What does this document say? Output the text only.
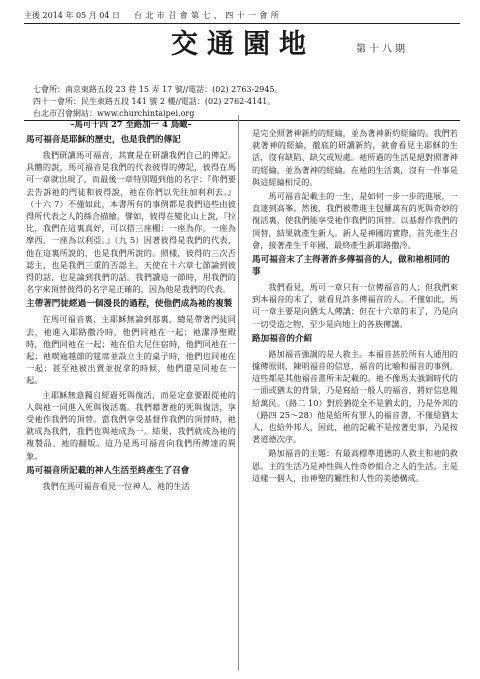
主後 2014 年 05 月 04 日 台北市召會第七、四十一會所
交通園地	第十八期
七會所：南京東路五段 23 巷 15 弄 17 號//電話：(02) 2763-2945。
四十一會所：民生東路五段 141 號 2 樓//電話：(02) 2762-4141。
台北市召會網站：www.churchintaipei.org
–馬可十四 27 至路加一 4 鳥瞰–
馬可福音是耶穌的歷史，也是我們的傳記

我們研讀馬可福音，其實是在研讀我們自己的傳記。具體的說，馬可福音是我們的代表彼得的傳記，彼得在馬可一章就出現了，而最後一章特別題到他的名字：『你們要去告訴祂的門徒和彼得說，祂在你們以先往加利利去。』（十六 7）不僅如此，本書所有的事例都是我們這些由彼得所代表之人的絲合描繪。譬如，彼得在變化山上說，『拉比，我們在這裏真好，可以搭三座棚：一座為你，一座為摩西，一座為以利亞。』（九 5）因著彼得是我們的代表，他在這裏所說的，也是我們所說的。照樣，彼得的三次否認主，也是我們三重的否認主。天使在十六章七節論到彼得的話，也是論到我們的話。我們讀這一節時，用我們的名字來頂替彼得的名字是正確的，因為他是我們的代表。

主帶著門徒經過一個漫長的過程，使他們成為祂的複製

在馬可福音裏，主耶穌無論到那裏，總是帶著門徒同去，祂進入耶路撒冷時，他們同祂在一起；祂潔淨聖殿時，他們同祂在一起；祂在伯大尼住宿時，他們同祂在一起；祂喫逾越節的筵席並設立主的桌子時，他們也同祂在一起；甚至祂被出賣並捉拿的時候，他們還是同祂在一起。

主耶穌無意獨自經過死與復活，而是定意要跟從祂的人與祂一同進入死與復活裏。我們藉著祂的死與復活，享受祂作我們的頂替。當我們享受基督作我們的頂替時，祂就成為我們，我們也與祂成為一。結果，我們就成為祂的複製品、祂的翻版。這乃是馬可福音向我們所傳達的異象。

馬可福音所記載的神人生活至終產生了召會

我們在馬可福音看見一位神人，祂的生活

是完全照著神新約的經綸，並為著神新約經綸的。我們若就著神的經綸，徹底的研讀新約，就會看見主耶穌的生活，沒有缺陷、缺欠或短處。祂所過的生活是絕對照著神的經綸，並為著神的經綸。在祂的生活裏，沒有一件事是與這經綸相反的。

馬可福音記載主的一生，是如何一步一步的進展，一直達到高峯。然後，我們被帶進主包羅萬有的死與奇妙的復活裏，使我們能享受祂作我們的頂替。以基督作我們的頂替，結果就產生新人。新人是神國的實際，首先產生召會，接著產生千年國，最終產生新耶路撒冷。

馬可福音末了主得著許多傳福音的人，做和祂相同的事

我們看見，馬可一章只有一位傳福音的人；但我們來到本福音的末了，就看見許多傳福音的人。不僅如此，馬可一章主要是向猶太人傳講；但在十六章的末了，乃是向一切受造之物，至少是向地上的各族傳講。

路加福音的介紹

路加福音強調的是人救主。本福音甚於所有人通用的據傳原則，陳明福音的信息，福音的比喻和福音的事例。這些都是其他福音書所未記載的。祂不像馬太強調時代的一面或猶太的背景，乃是寫給一般人的福音，將好信息報給萬民。（路二 10）對於猶從全不是猶太的，乃是外邦的（路四 25～28）他是給所有罪人的福音書，不僅給猶太人，也給外邦人，因此，祂的記載不是按著史事，乃是按著道德次序。

路加福音的主題：有最高標準道德的人救主和祂的救恩。主的生活乃是神性與人性奇妙組合之人的生活。主是這樣一個人，由神聖的屬性和人性的美德構成。
